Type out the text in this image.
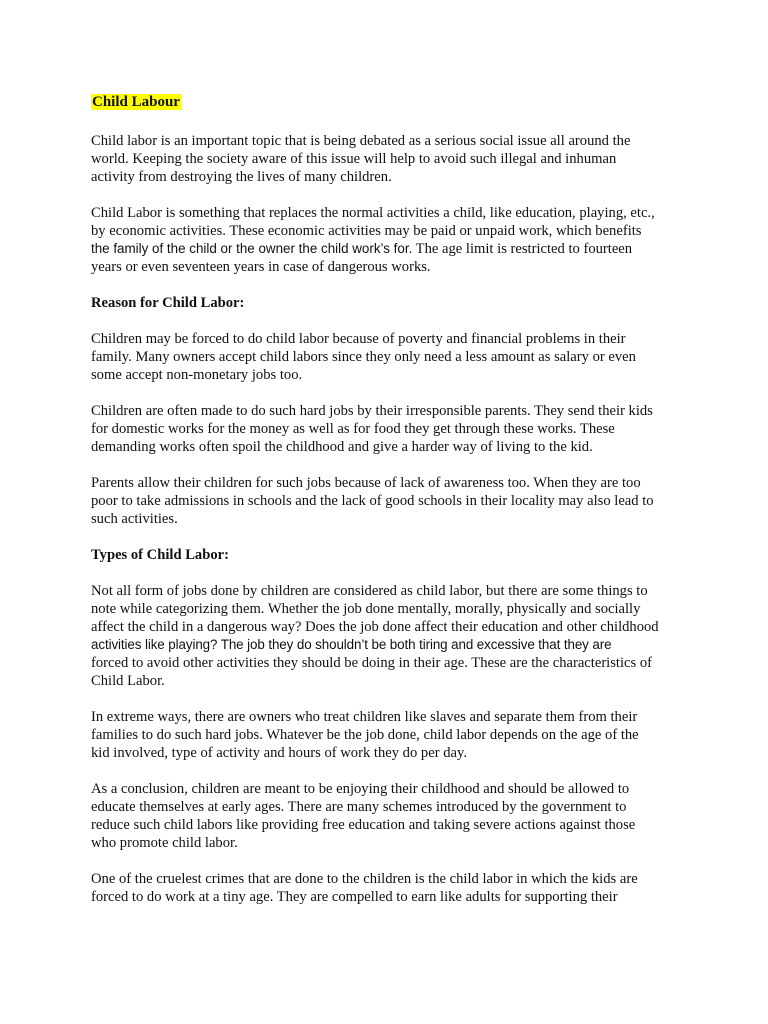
Child Labour
Child labor is an important topic that is being debated as a serious social issue all around the
world. Keeping the society aware of this issue will help to avoid such illegal and inhuman
activity from destroying the lives of many children.
Child Labor is something that replaces the normal activities a child, like education, playing, etc.,
by economic activities. These economic activities may be paid or unpaid work, which benefits
the family of the child or the owner the child work’s for. The age limit is restricted to fourteen
years or even seventeen years in case of dangerous works.
Reason for Child Labor:
Children may be forced to do child labor because of poverty and financial problems in their
family. Many owners accept child labors since they only need a less amount as salary or even
some accept non-monetary jobs too.
Children are often made to do such hard jobs by their irresponsible parents. They send their kids
for domestic works for the money as well as for food they get through these works. These
demanding works often spoil the childhood and give a harder way of living to the kid.
Parents allow their children for such jobs because of lack of awareness too. When they are too
poor to take admissions in schools and the lack of good schools in their locality may also lead to
such activities.
Types of Child Labor:
Not all form of jobs done by children are considered as child labor, but there are some things to
note while categorizing them. Whether the job done mentally, morally, physically and socially
affect the child in a dangerous way? Does the job done affect their education and other childhood
activities like playing? The job they do shouldn’t be both tiring and excessive that they are
forced to avoid other activities they should be doing in their age. These are the characteristics of
Child Labor.
In extreme ways, there are owners who treat children like slaves and separate them from their
families to do such hard jobs. Whatever be the job done, child labor depends on the age of the
kid involved, type of activity and hours of work they do per day.
As a conclusion, children are meant to be enjoying their childhood and should be allowed to
educate themselves at early ages. There are many schemes introduced by the government to
reduce such child labors like providing free education and taking severe actions against those
who promote child labor.
One of the cruelest crimes that are done to the children is the child labor in which the kids are
forced to do work at a tiny age. They are compelled to earn like adults for supporting their
